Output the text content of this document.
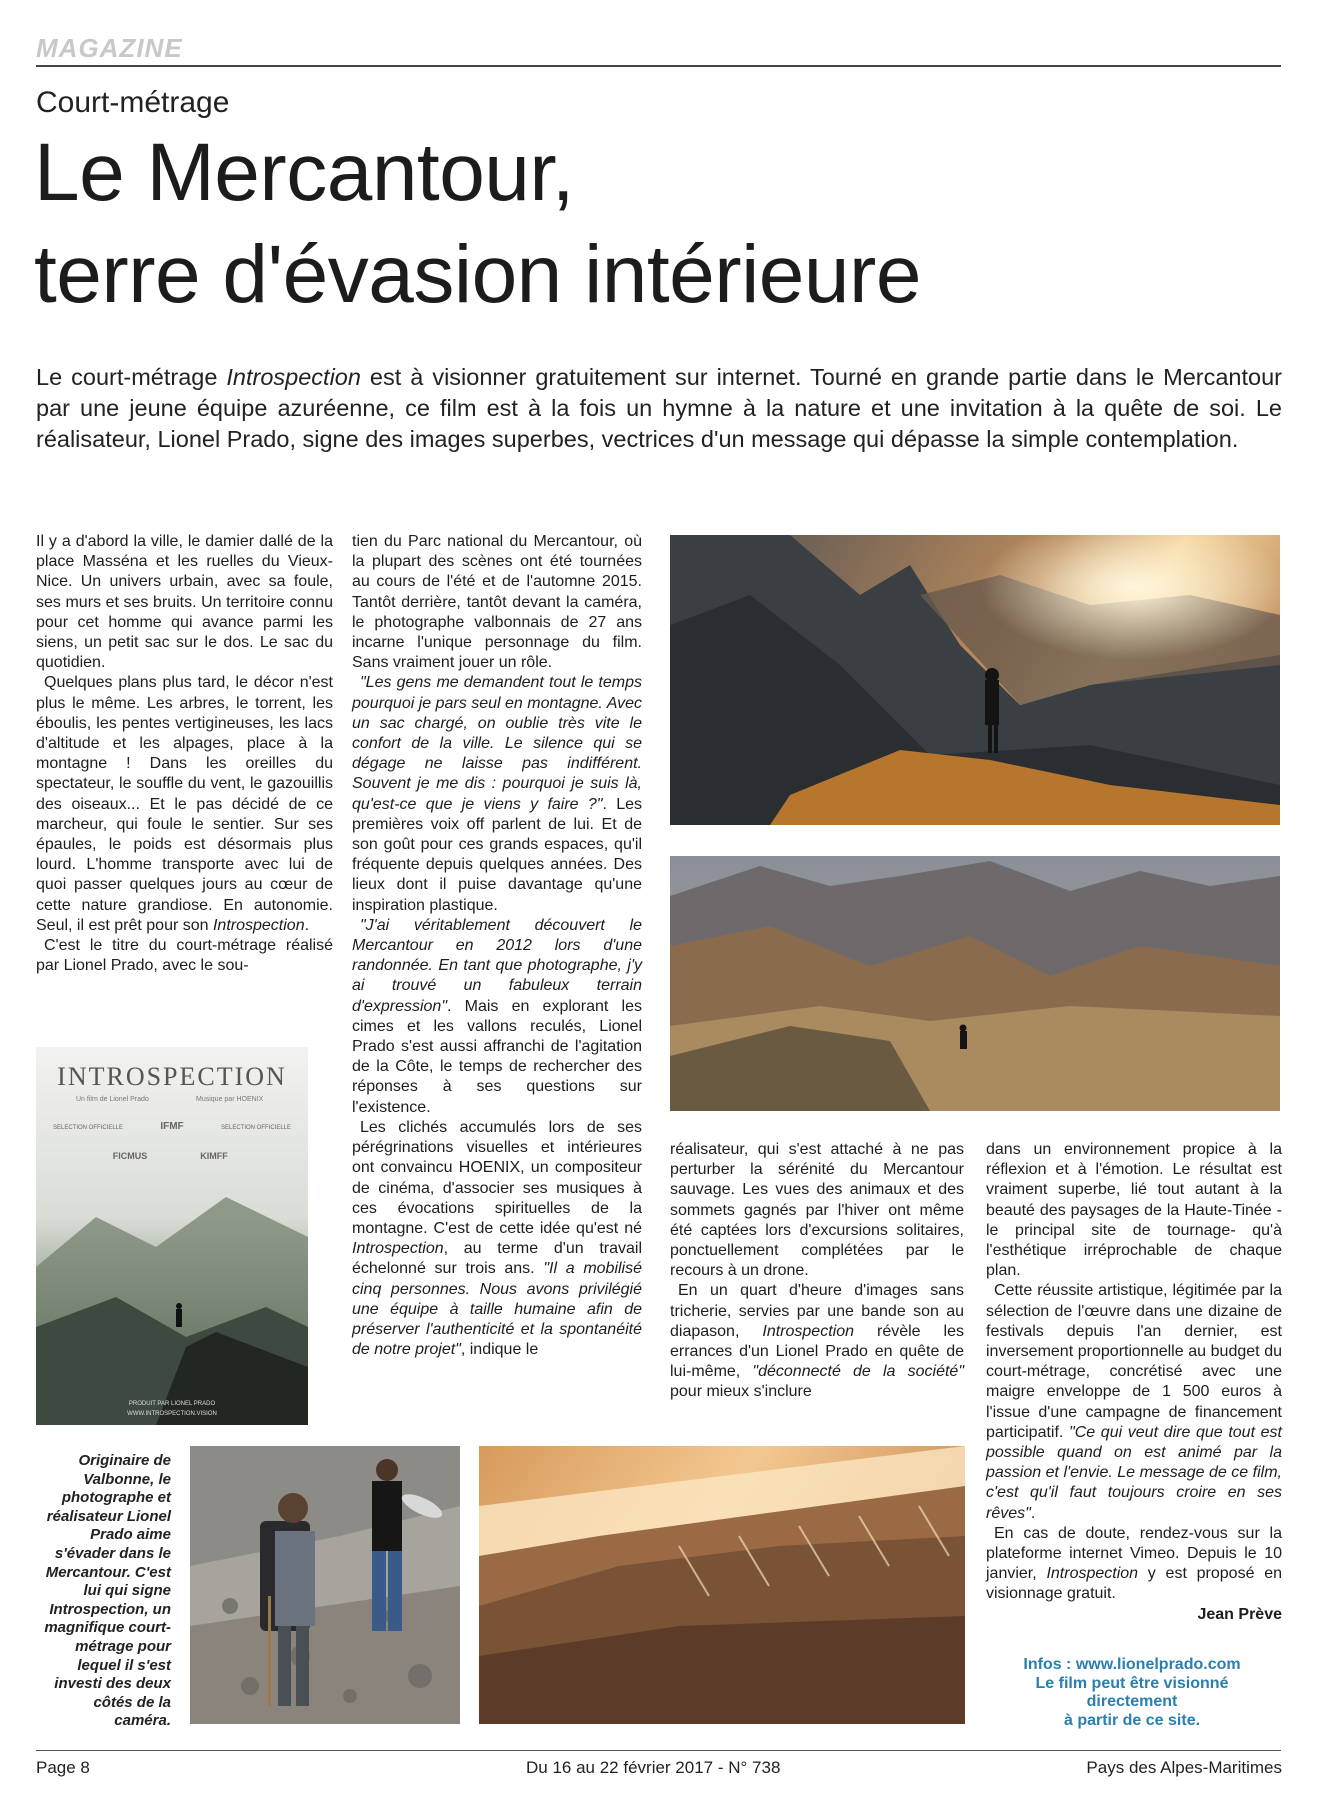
MAGAZINE
Court-métrage
Le Mercantour,
terre d'évasion intérieure
Le court-métrage Introspection est à visionner gratuitement sur internet. Tourné en grande partie dans le Mercantour par une jeune équipe azuréenne, ce film est à la fois un hymne à la nature et une invitation à la quête de soi. Le réalisateur, Lionel Prado, signe des images superbes, vectrices d'un message qui dépasse la simple contemplation.

Il y a d'abord la ville, le damier dallé de la place Masséna et les ruelles du Vieux-Nice. Un univers urbain, avec sa foule, ses murs et ses bruits. Un territoire connu pour cet homme qui avance parmi les siens, un petit sac sur le dos. Le sac du quotidien.

Quelques plans plus tard, le décor n'est plus le même. Les arbres, le torrent, les éboulis, les pentes vertigineuses, les lacs d'altitude et les alpages, place à la montagne ! Dans les oreilles du spectateur, le souffle du vent, le gazouillis des oiseaux... Et le pas décidé de ce marcheur, qui foule le sentier. Sur ses épaules, le poids est désormais plus lourd. L'homme transporte avec lui de quoi passer quelques jours au cœur de cette nature grandiose. En autonomie. Seul, il est prêt pour son Introspection.

C'est le titre du court-métrage réalisé par Lionel Prado, avec le sou-

INTROSPECTION
Un film de Lionel Prado	Musique par HOENIX
SELECTION OFFICIELLE	IFMF	SELECTION OFFICIELLE
FICMUS	KIMFF
PRODUIT PAR LIONEL PRADO
WWW.INTROSPECTION.VISION

tien du Parc national du Mercantour, où la plupart des scènes ont été tournées au cours de l'été et de l'automne 2015. Tantôt derrière, tantôt devant la caméra, le photographe valbonnais de 27 ans incarne l'unique personnage du film. Sans vraiment jouer un rôle.

"Les gens me demandent tout le temps pourquoi je pars seul en montagne. Avec un sac chargé, on oublie très vite le confort de la ville. Le silence qui se dégage ne laisse pas indifférent. Souvent je me dis : pourquoi je suis là, qu'est-ce que je viens y faire ?". Les premières voix off parlent de lui. Et de son goût pour ces grands espaces, qu'il fréquente depuis quelques années. Des lieux dont il puise davantage qu'une inspiration plastique.

"J'ai véritablement découvert le Mercantour en 2012 lors d'une randonnée. En tant que photographe, j'y ai trouvé un fabuleux terrain d'expression". Mais en explorant les cimes et les vallons reculés, Lionel Prado s'est aussi affranchi de l'agitation de la Côte, le temps de rechercher des réponses à ses questions sur l'existence.

Les clichés accumulés lors de ses pérégrinations visuelles et intérieures ont convaincu HOENIX, un compositeur de cinéma, d'associer ses musiques à ces évocations spirituelles de la montagne. C'est de cette idée qu'est né Introspection, au terme d'un travail échelonné sur trois ans. "Il a mobilisé cinq personnes. Nous avons privilégié une équipe à taille humaine afin de préserver l'authenticité et la spontanéité de notre projet", indique le

réalisateur, qui s'est attaché à ne pas perturber la sérénité du Mercantour sauvage. Les vues des animaux et des sommets gagnés par l'hiver ont même été captées lors d'excursions solitaires, ponctuellement complétées par le recours à un drone.

En un quart d'heure d'images sans tricherie, servies par une bande son au diapason, Introspection révèle les errances d'un Lionel Prado en quête de lui-même, "déconnecté de la société" pour mieux s'inclure

dans un environnement propice à la réflexion et à l'émotion. Le résultat est vraiment superbe, lié tout autant à la beauté des paysages de la Haute-Tinée -le principal site de tournage- qu'à l'esthétique irréprochable de chaque plan.

Cette réussite artistique, légitimée par la sélection de l'œuvre dans une dizaine de festivals depuis l'an dernier, est inversement proportionnelle au budget du court-métrage, concrétisé avec une maigre enveloppe de 1 500 euros à l'issue d'une campagne de financement participatif. "Ce qui veut dire que tout est possible quand on est animé par la passion et l'envie. Le message de ce film, c'est qu'il faut toujours croire en ses rêves".

En cas de doute, rendez-vous sur la plateforme internet Vimeo. Depuis le 10 janvier, Introspection y est proposé en visionnage gratuit.

Jean Prève
Originaire de Valbonne, le photographe et réalisateur Lionel Prado aime s'évader dans le Mercantour. C'est lui qui signe Introspection, un magnifique court-métrage pour lequel il s'est investi des deux côtés de la caméra.
Infos : www.lionelprado.com
Le film peut être visionné
directement
à partir de ce site.
Page 8	Du 16 au 22 février 2017 - N° 738	Pays des Alpes-Maritimes
